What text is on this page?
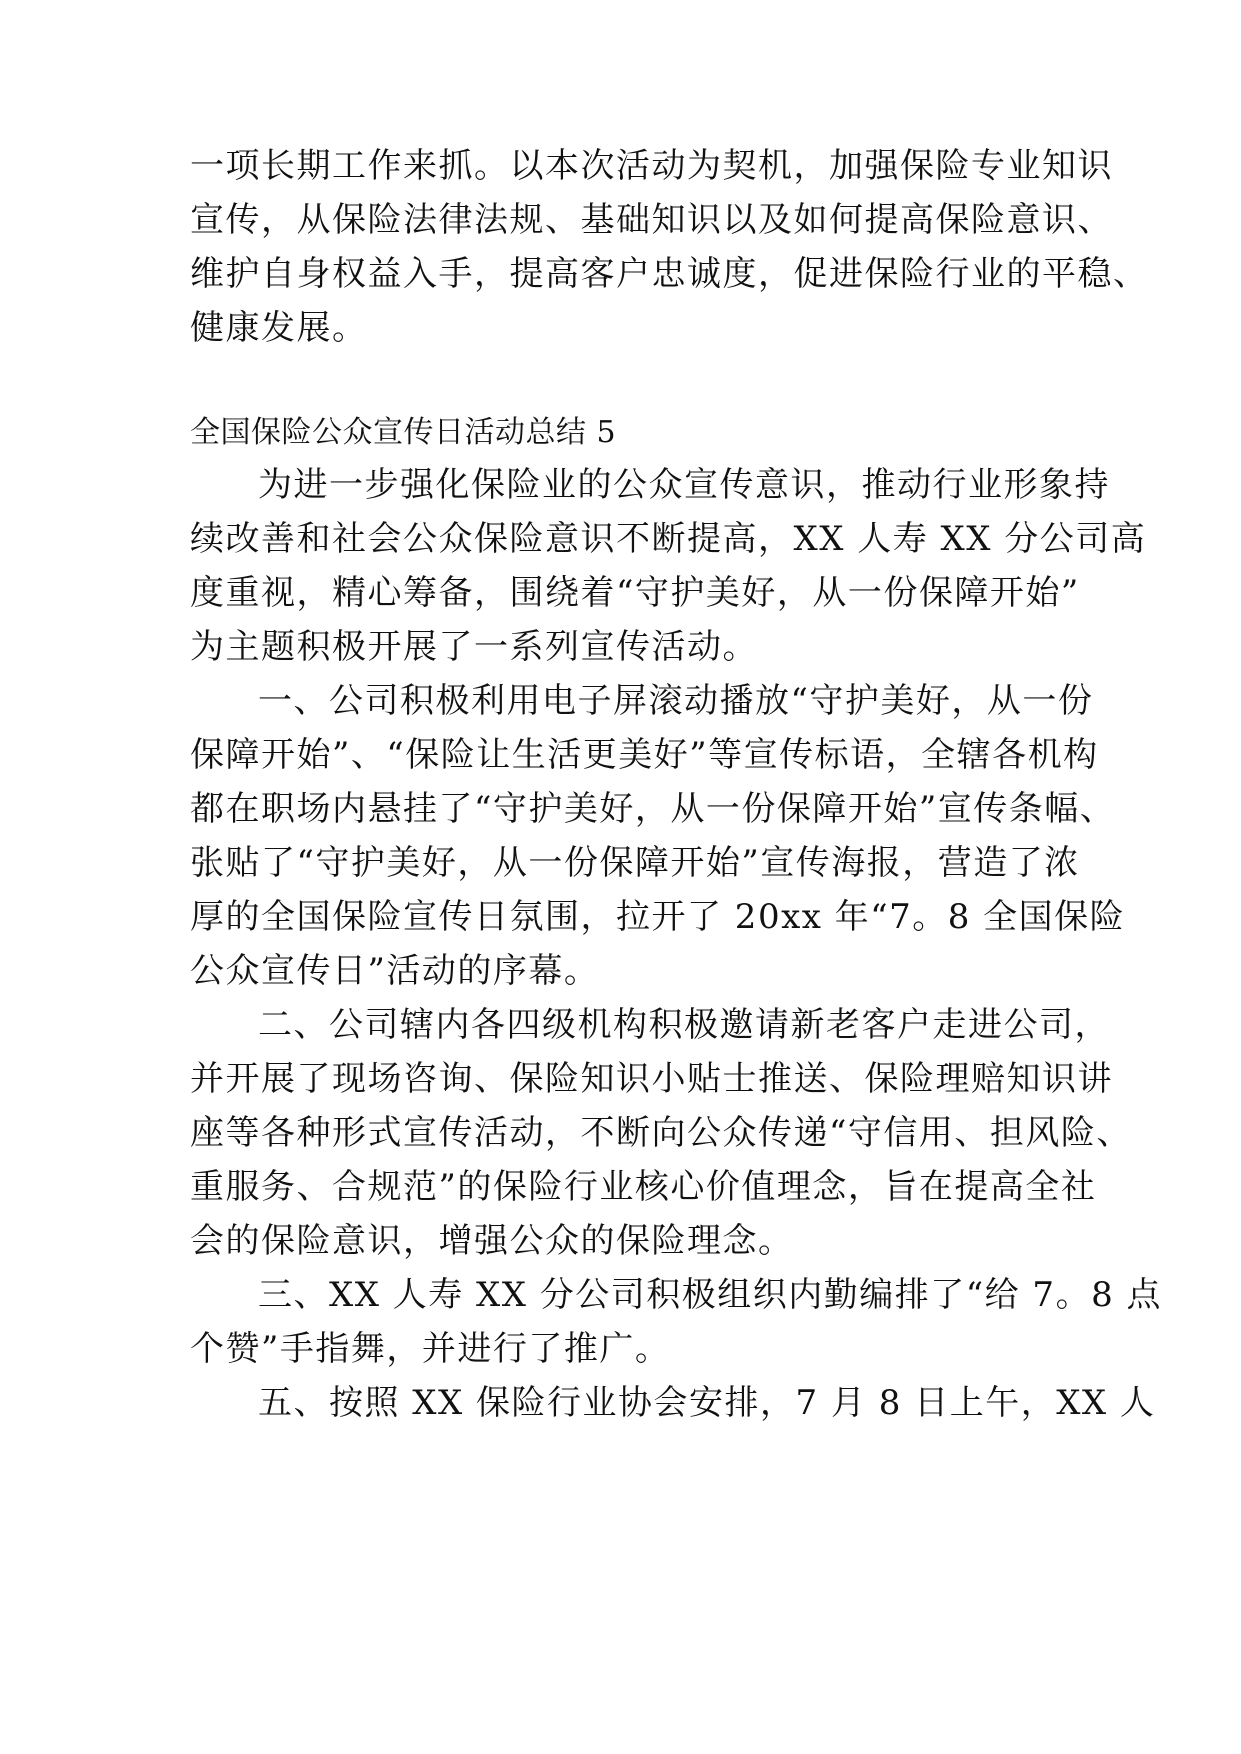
一项长期工作来抓。以本次活动为契机，加强保险专业知识
宣传，从保险法律法规、基础知识以及如何提高保险意识、
维护自身权益入手，提高客户忠诚度，促进保险行业的平稳、
健康发展。
全国保险公众宣传日活动总结 5
为进一步强化保险业的公众宣传意识，推动行业形象持
续改善和社会公众保险意识不断提高，XX 人寿 XX 分公司高
度重视，精心筹备，围绕着“守护美好，从一份保障开始”
为主题积极开展了一系列宣传活动。
一、公司积极利用电子屏滚动播放“守护美好，从一份
保障开始”、“保险让生活更美好”等宣传标语，全辖各机构
都在职场内悬挂了“守护美好，从一份保障开始”宣传条幅、
张贴了“守护美好，从一份保障开始”宣传海报，营造了浓
厚的全国保险宣传日氛围，拉开了 20xx 年“7。8 全国保险
公众宣传日”活动的序幕。
二、公司辖内各四级机构积极邀请新老客户走进公司，
并开展了现场咨询、保险知识小贴士推送、保险理赔知识讲
座等各种形式宣传活动，不断向公众传递“守信用、担风险、
重服务、合规范”的保险行业核心价值理念，旨在提高全社
会的保险意识，增强公众的保险理念。
三、XX 人寿 XX 分公司积极组织内勤编排了“给 7。8 点
个赞”手指舞，并进行了推广。
五、按照 XX 保险行业协会安排，7 月 8 日上午，XX 人
